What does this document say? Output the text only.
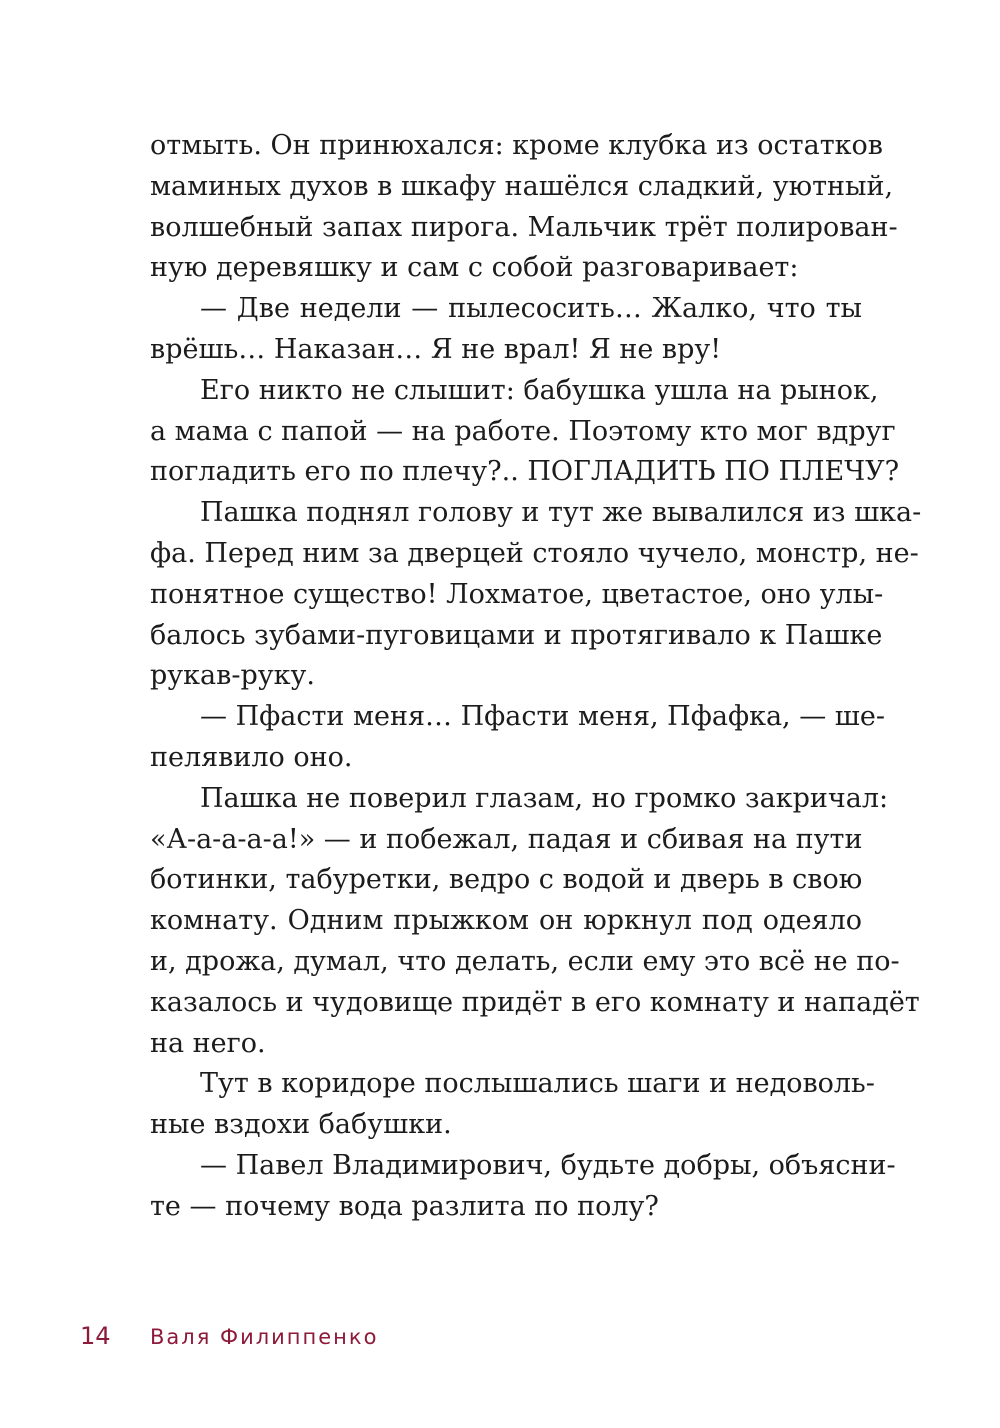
отмыть. Он принюхался: кроме клубка из остатков
маминых духов в шкафу нашёлся сладкий, уютный,
волшебный запах пирога. Мальчик трёт полирован-
ную деревяшку и сам с собой разговаривает:
— Две недели — пылесосить… Жалко, что ты
врёшь… Наказан… Я не врал! Я не вру!
Его никто не слышит: бабушка ушла на рынок,
а мама с папой — на работе. Поэтому кто мог вдруг
погладить его по плечу?.. ПОГЛАДИТЬ ПО ПЛЕЧУ?
Пашка поднял голову и тут же вывалился из шка-
фа. Перед ним за дверцей стояло чучело, монстр, не-
понятное существо! Лохматое, цветастое, оно улы-
балось зубами-пуговицами и протягивало к Пашке
рукав-руку.
— Пфасти меня… Пфасти меня, Пфафка, — ше-
пелявило оно.
Пашка не поверил глазам, но громко закричал:
«А-а-а-а-а!» — и побежал, падая и сбивая на пути
ботинки, табуретки, ведро с водой и дверь в свою
комнату. Одним прыжком он юркнул под одеяло
и, дрожа, думал, что делать, если ему это всё не по-
казалось и чудовище придёт в его комнату и нападёт
на него.
Тут в коридоре послышались шаги и недоволь-
ные вздохи бабушки.
— Павел Владимирович, будьте добры, объясни-
те — почему вода разлита по полу?
14	Валя Филиппенко
